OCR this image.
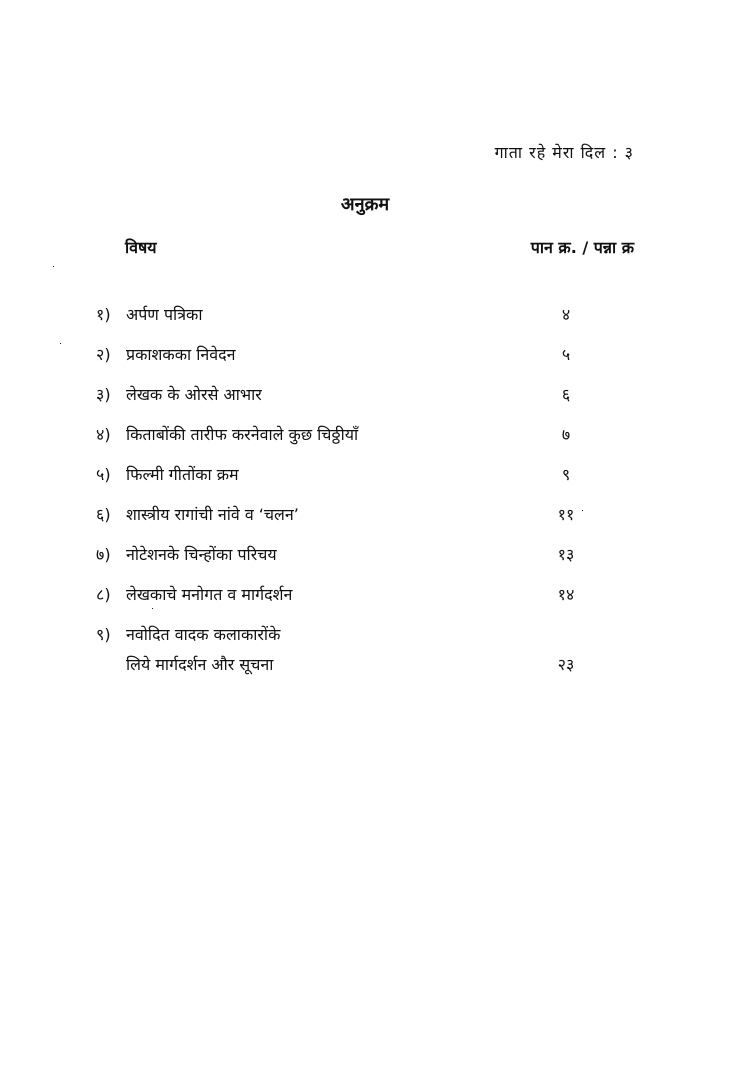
गाता रहे मेरा दिल : ३
अनुक्रम
विषय	पान क्र. / पन्ना क्र
१) अर्पण पत्रिका	४
२) प्रकाशकका निवेदन	५
३) लेखक के ओरसे आभार	६
४) किताबोंकी तारीफ करनेवाले कुछ चिठ्ठीयाँ	७
५) फिल्मी गीतोंका क्रम	९
६) शास्त्रीय रागांची नांवे व ‘चलन’	११
७) नोटेशनके चिन्होंका परिचय	१३
८) लेखकाचे मनोगत व मार्गदर्शन	१४
९) नवोदित वादक कलाकारोंके
लिये मार्गदर्शन और सूचना	२३
